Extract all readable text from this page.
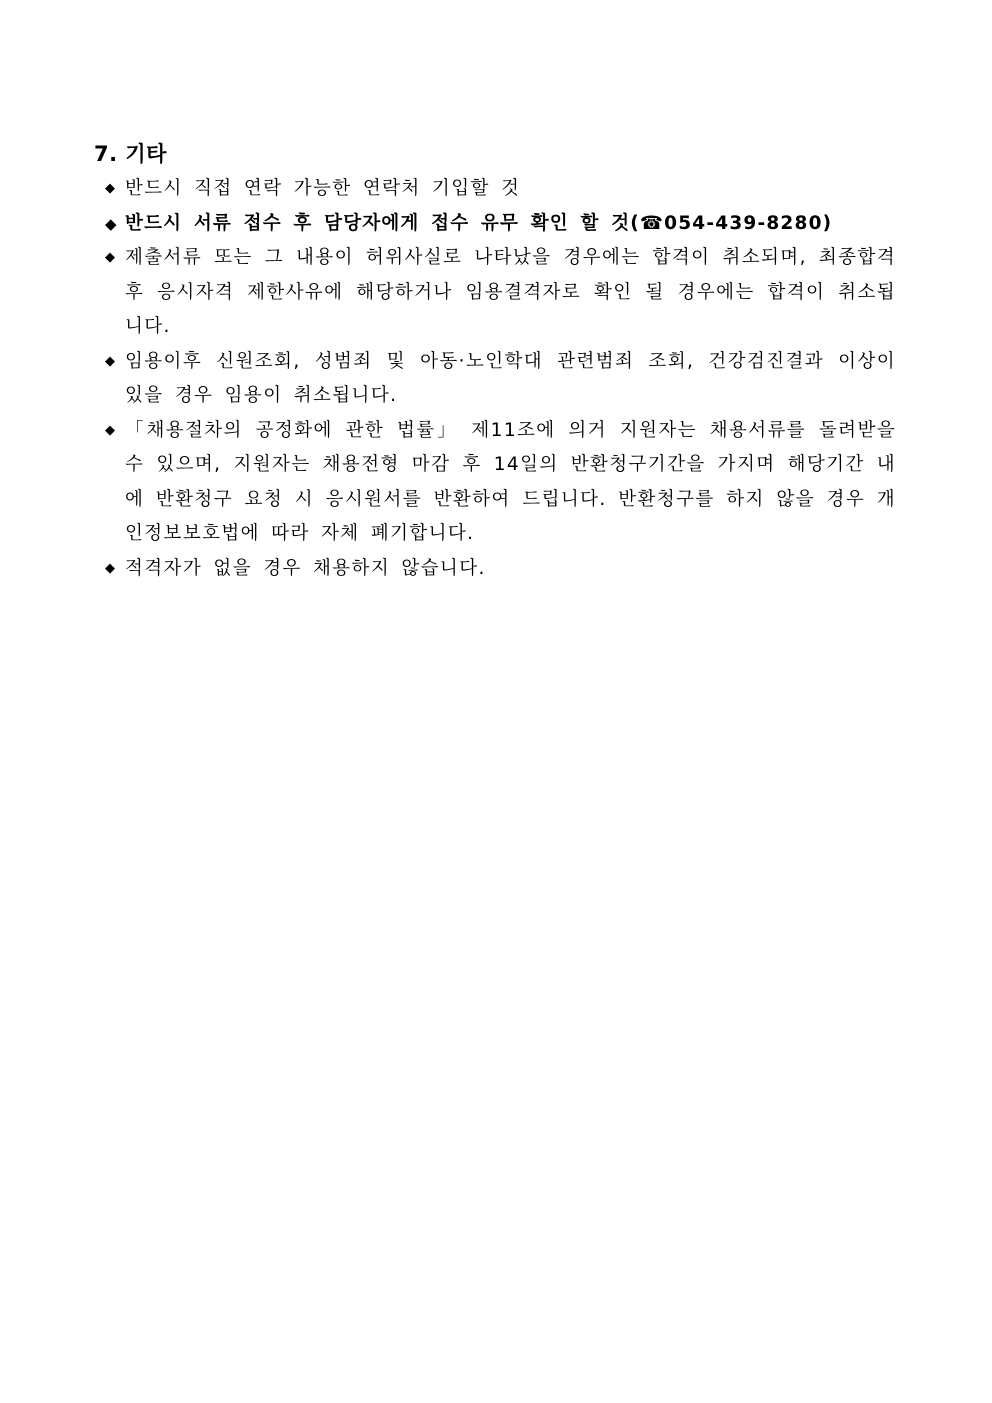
7. 기타
◆ 반드시 직접 연락 가능한 연락처 기입할 것
◆ 반드시 서류 접수 후 담당자에게 접수 유무 확인 할 것(☎054-439-8280)
◆ 제출서류 또는 그 내용이 허위사실로 나타났을 경우에는 합격이 취소되며, 최종합격 후 응시자격 제한사유에 해당하거나 임용결격자로 확인 될 경우에는 합격이 취소됩니다.
◆ 임용이후 신원조회, 성범죄 및 아동·노인학대 관련범죄 조회, 건강검진결과 이상이 있을 경우 임용이 취소됩니다.
◆ 「채용절차의 공정화에 관한 법률」 제11조에 의거 지원자는 채용서류를 돌려받을 수 있으며, 지원자는 채용전형 마감 후 14일의 반환청구기간을 가지며 해당기간 내에 반환청구 요청 시 응시원서를 반환하여 드립니다. 반환청구를 하지 않을 경우 개인정보보호법에 따라 자체 폐기합니다.
◆ 적격자가 없을 경우 채용하지 않습니다.
